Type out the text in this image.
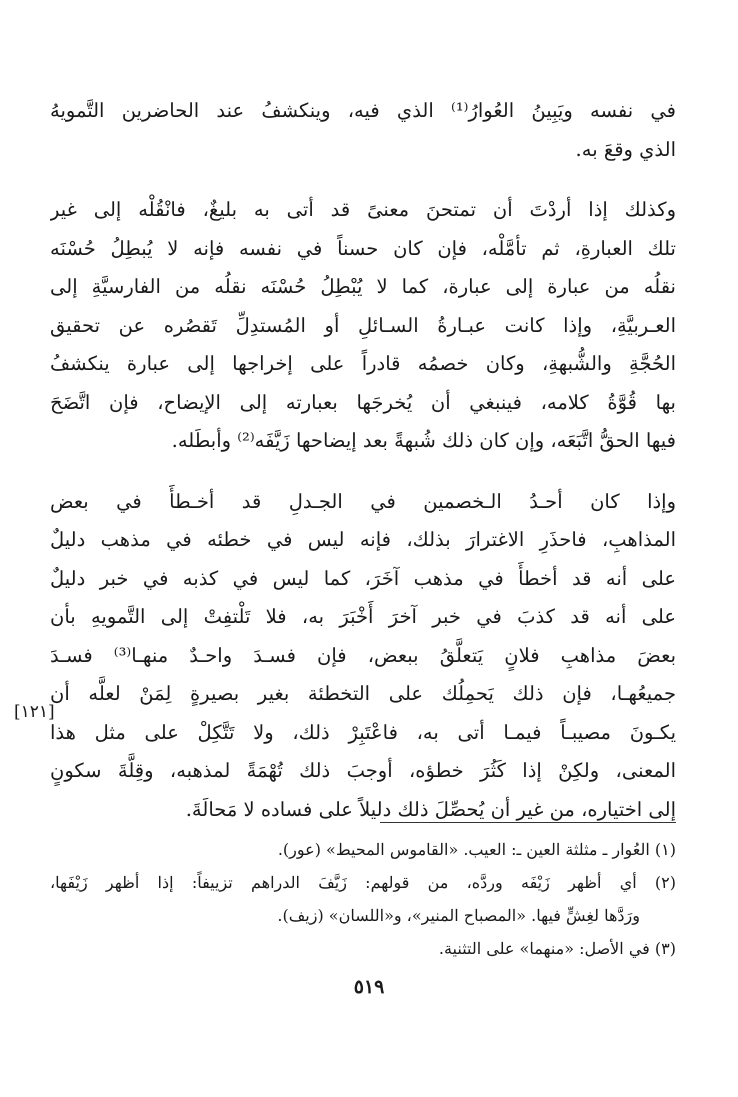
في نفسه ويَبِينُ العُوارُ⁽¹⁾ الذي فيه، وينكشفُ عند الحاضرين التَّمويهُ
الذي وقعَ به.
وكذلك إذا أردْتَ أن تمتحنَ معنىً قد أتى به بليغٌ، فانْقُلْه إلى غير
تلك العبارةِ، ثم تأمَّلْه، فإن كان حسناً في نفسه فإنه لا يُبطِلُ حُسْنَه
نقلُه من عبارة إلى عبارة، كما لا يُبْطِلُ حُسْنَه نقلُه من الفارسيَّةِ إلى
العـربيَّةِ، وإذا كانت عبـارةُ السـائلِ أو المُستدِلِّ تَقصُره عن تحقيق
الحُجَّةِ والشُّبهةِ، وكان خصمُه قادراً على إخراجها إلى عبارة ينكشفُ
بها قُوَّةُ كلامه، فينبغي أن يُخرجَها بعبارته إلى الإيضاح، فإن اتَّضَحَ
فيها الحقُّ اتَّبَعَه، وإن كان ذلك شُبهةً بعد إيضاحها زَيَّفَه⁽²⁾ وأبطَله.
وإذا كان أحـدُ الـخصمين في الجـدلِ قد أخـطأَ في بعض
المذاهبِ، فاحذَرِ الاغترارَ بذلك، فإنه ليس في خطئه في مذهب دليلٌ
على أنه قد أخطأَ في مذهب آخَرَ، كما ليس في كذبه في خبر دليلٌ
على أنه قد كذبَ في خبر آخرَ أَخْبَرَ به، فلا تَلْتفِتْ إلى التَّمويهِ بأن
بعضَ مذاهبِ فلانٍ يَتعلَّقُ ببعض، فإن فسـدَ واحـدٌ منهـا⁽³⁾ فسـدَ
جميعُهـا، فإن ذلك يَحمِلُك على التخطئة بغير بصيرةٍ لِمَنْ لعلَّه أن
يكـونَ مصيبـاً فيمـا أتى به، فاعْتَبِرْ ذلك، ولا تَتَّكِلْ على مثل هذا
المعنى، ولكِنْ إذا كَثُرَ خطؤه، أوجبَ ذلك تُهْمَةً لمذهبه، وقِلَّةَ سكونٍ
إلى اختياره، من غير أن يُحصِّلَ ذلك دليلاً على فساده لا مَحالَةَ.
[١٢١]
(١) العُوار ـ مثلثة العين ـ: العيب. «القاموس المحيط» (عور).
(٢) أي أظهر زَيْفَه وردَّه، من قولهم: زَيَّفَ الدراهم تزييفاً: إذا أظهر زَيْفَها،
ورَدَّها لغِشٍّ فيها. «المصباح المنير»، و«اللسان» (زيف).
(٣) في الأصل: «منهما» على التثنية.
٥١٩
